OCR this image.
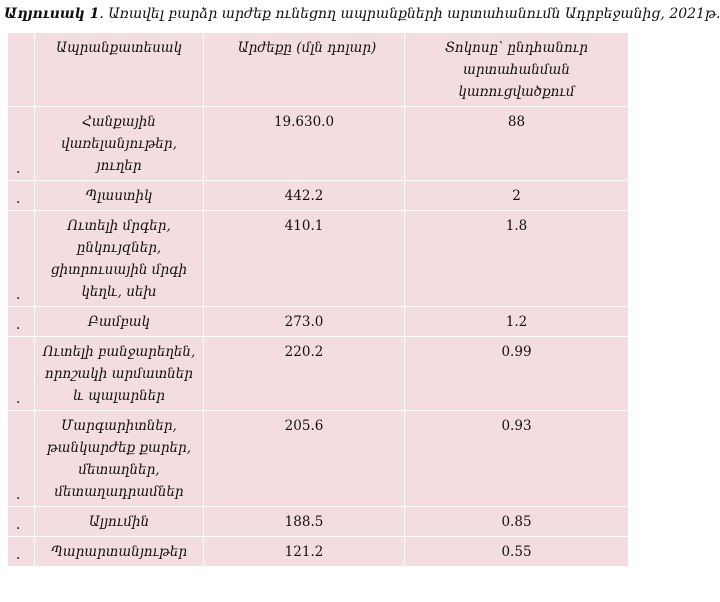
Աղյուսակ 1. Առավել բարձր արժեք ունեցող ապրանքների արտահանումն Ադրբեջանից, 2021թ.
	Ապրանքատեսակ	Արժեքը (մլն դոլար)	Տոկոսը՝ ընդհանուր արտահանման կառուցվածքում

.	Հանքային վառելանյութեր, յուղեր	19.630.0	88

.	Պլաստիկ	442.2	2

.	Ուտելի մրգեր, ընկույզներ, ցիտրուսային մրգի կեղև, սեխ	410.1	1.8

.	Բամբակ	273.0	1.2

.	Ուտելի բանջարեղեն, որոշակի արմատներ և պալարներ	220.2	0.99

.	Մարգարիտներ, թանկարժեք քարեր, մետաղներ, մետաղադրամներ	205.6	0.93

.	Ալյումին	188.5	0.85

.	Պարարտանյութեր	121.2	0.55
